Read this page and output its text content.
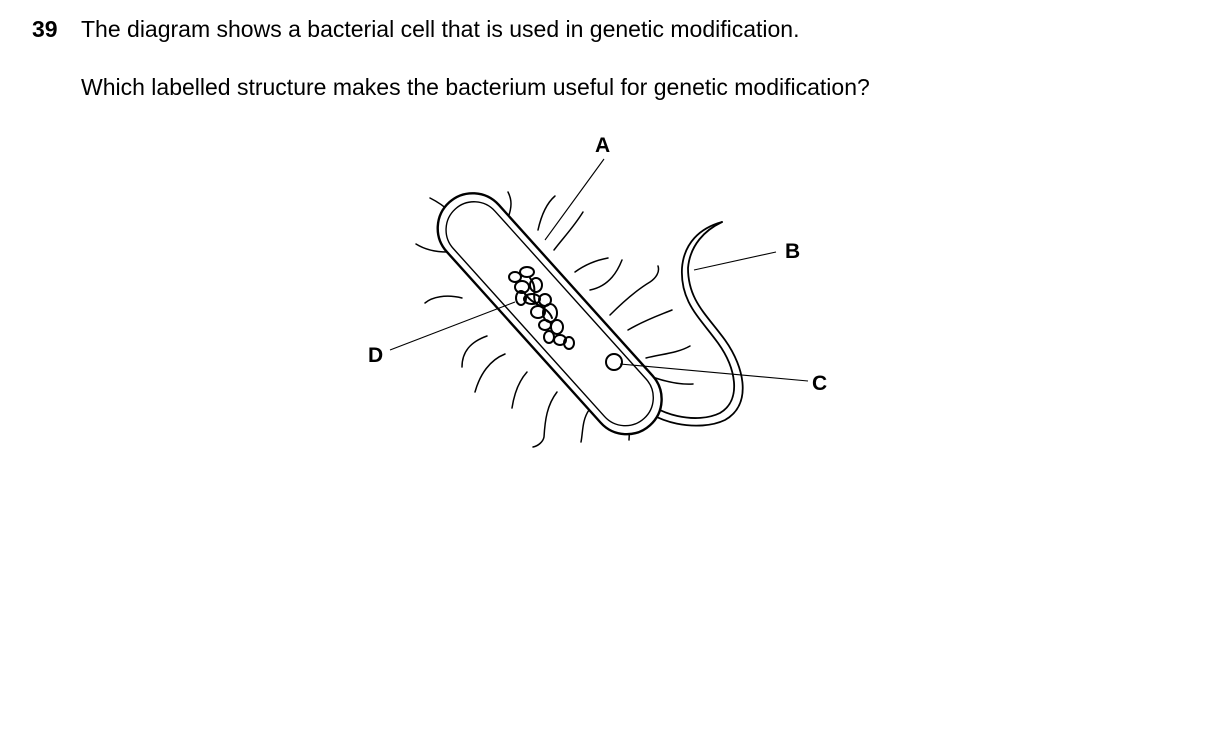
39 The diagram shows a bacterial cell that is used in genetic modification.
Which labelled structure makes the bacterium useful for genetic modification?
A
B
C
D
